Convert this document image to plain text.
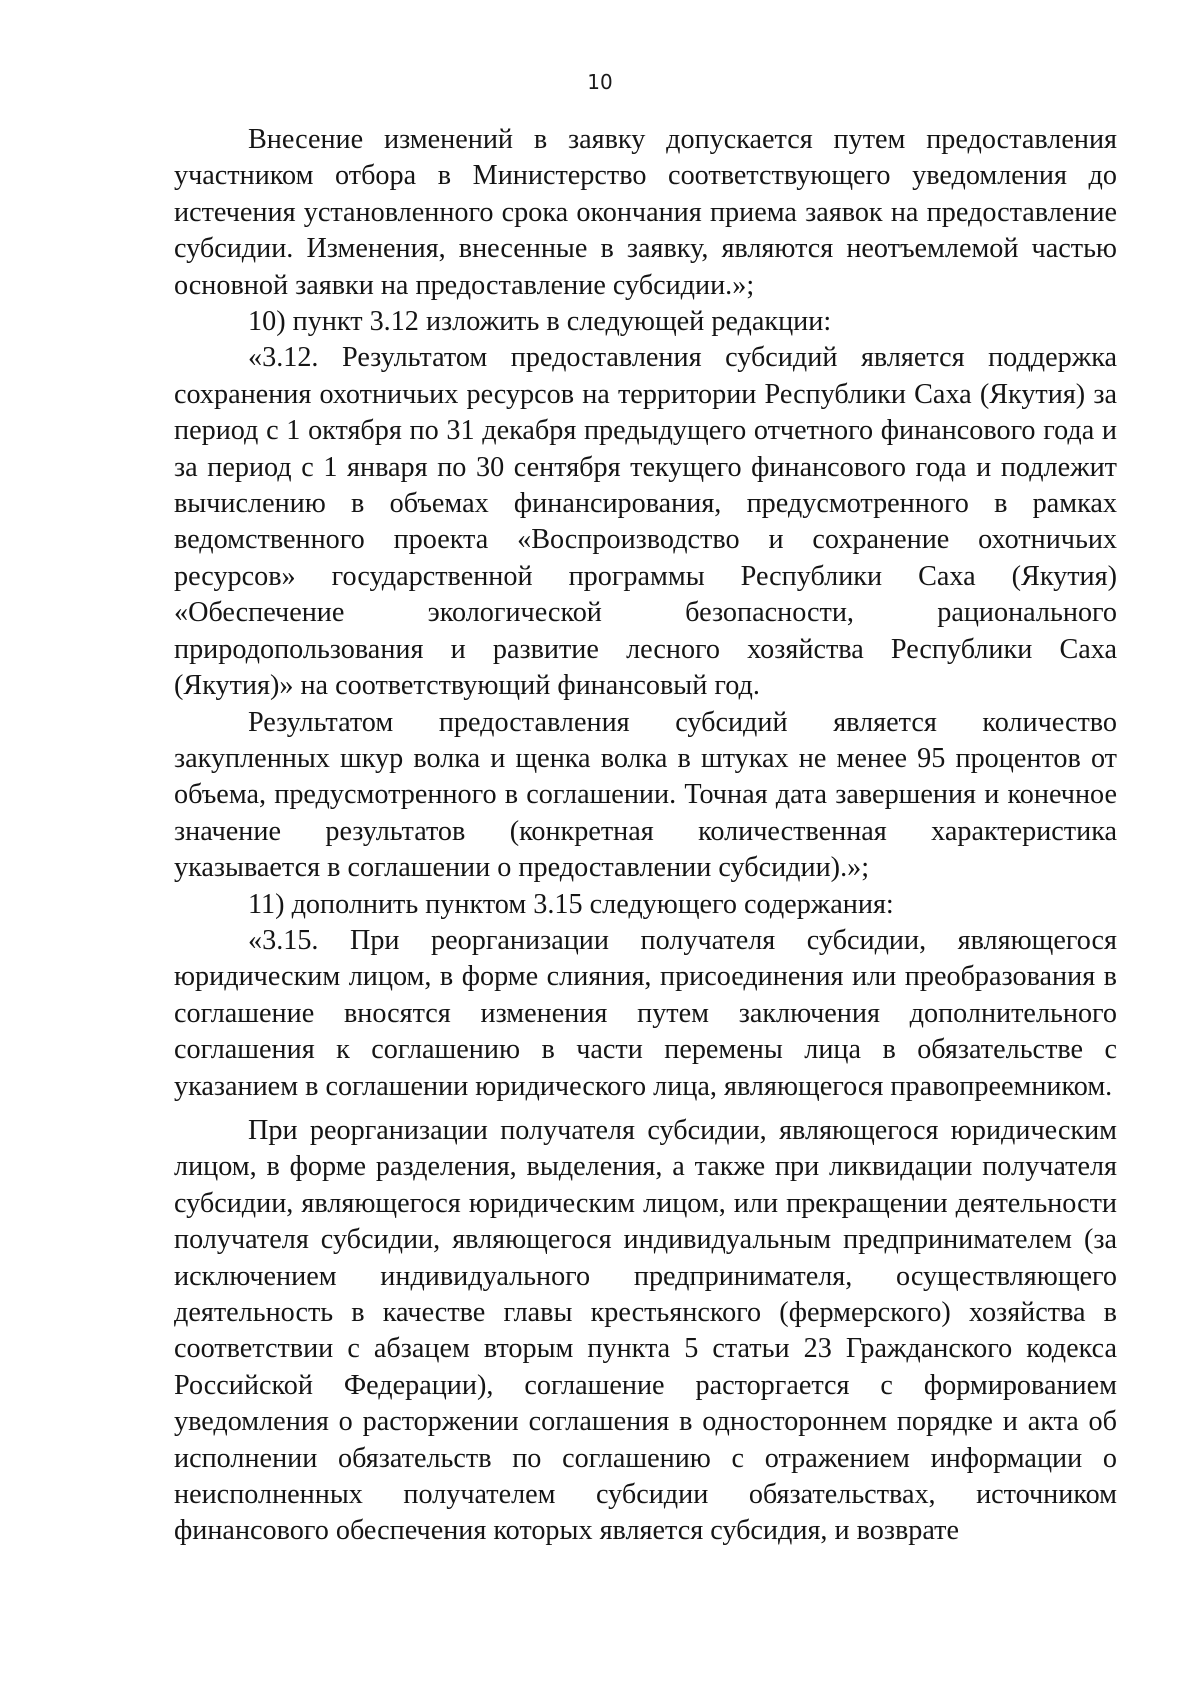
10

Внесение изменений в заявку допускается путем предоставления участником отбора в Министерство соответствующего уведомления до истечения установленного срока окончания приема заявок на предоставление субсидии. Изменения, внесенные в заявку, являются неотъемлемой частью основной заявки на предоставление субсидии.»;

10) пункт 3.12 изложить в следующей редакции:

«3.12. Результатом предоставления субсидий является поддержка сохранения охотничьих ресурсов на территории Республики Саха (Якутия) за период с 1 октября по 31 декабря предыдущего отчетного финансового года и за период с 1 января по 30 сентября текущего финансового года и подлежит вычислению в объемах финансирования, предусмотренного в рамках ведомственного проекта «Воспроизводство и сохранение охотничьих ресурсов» государственной программы Республики Саха (Якутия) «Обеспечение экологической безопасности, рационального природопользования и развитие лесного хозяйства Республики Саха (Якутия)» на соответствующий финансовый год.

Результатом предоставления субсидий является количество закупленных шкур волка и щенка волка в штуках не менее 95 процентов от объема, предусмотренного в соглашении. Точная дата завершения и конечное значение результатов (конкретная количественная характеристика указывается в соглашении о предоставлении субсидии).»;

11) дополнить пунктом 3.15 следующего содержания:

«3.15. При реорганизации получателя субсидии, являющегося юридическим лицом, в форме слияния, присоединения или преобразования в соглашение вносятся изменения путем заключения дополнительного соглашения к соглашению в части перемены лица в обязательстве с указанием в соглашении юридического лица, являющегося правопреемником.

При реорганизации получателя субсидии, являющегося юридическим лицом, в форме разделения, выделения, а также при ликвидации получателя субсидии, являющегося юридическим лицом, или прекращении деятельности получателя субсидии, являющегося индивидуальным предпринимателем (за исключением индивидуального предпринимателя, осуществляющего деятельность в качестве главы крестьянского (фермерского) хозяйства в соответствии с абзацем вторым пункта 5 статьи 23 Гражданского кодекса Российской Федерации), соглашение расторгается с формированием уведомления о расторжении соглашения в одностороннем порядке и акта об исполнении обязательств по соглашению с отражением информации о неисполненных получателем субсидии обязательствах, источником финансового обеспечения которых является субсидия, и возврате
